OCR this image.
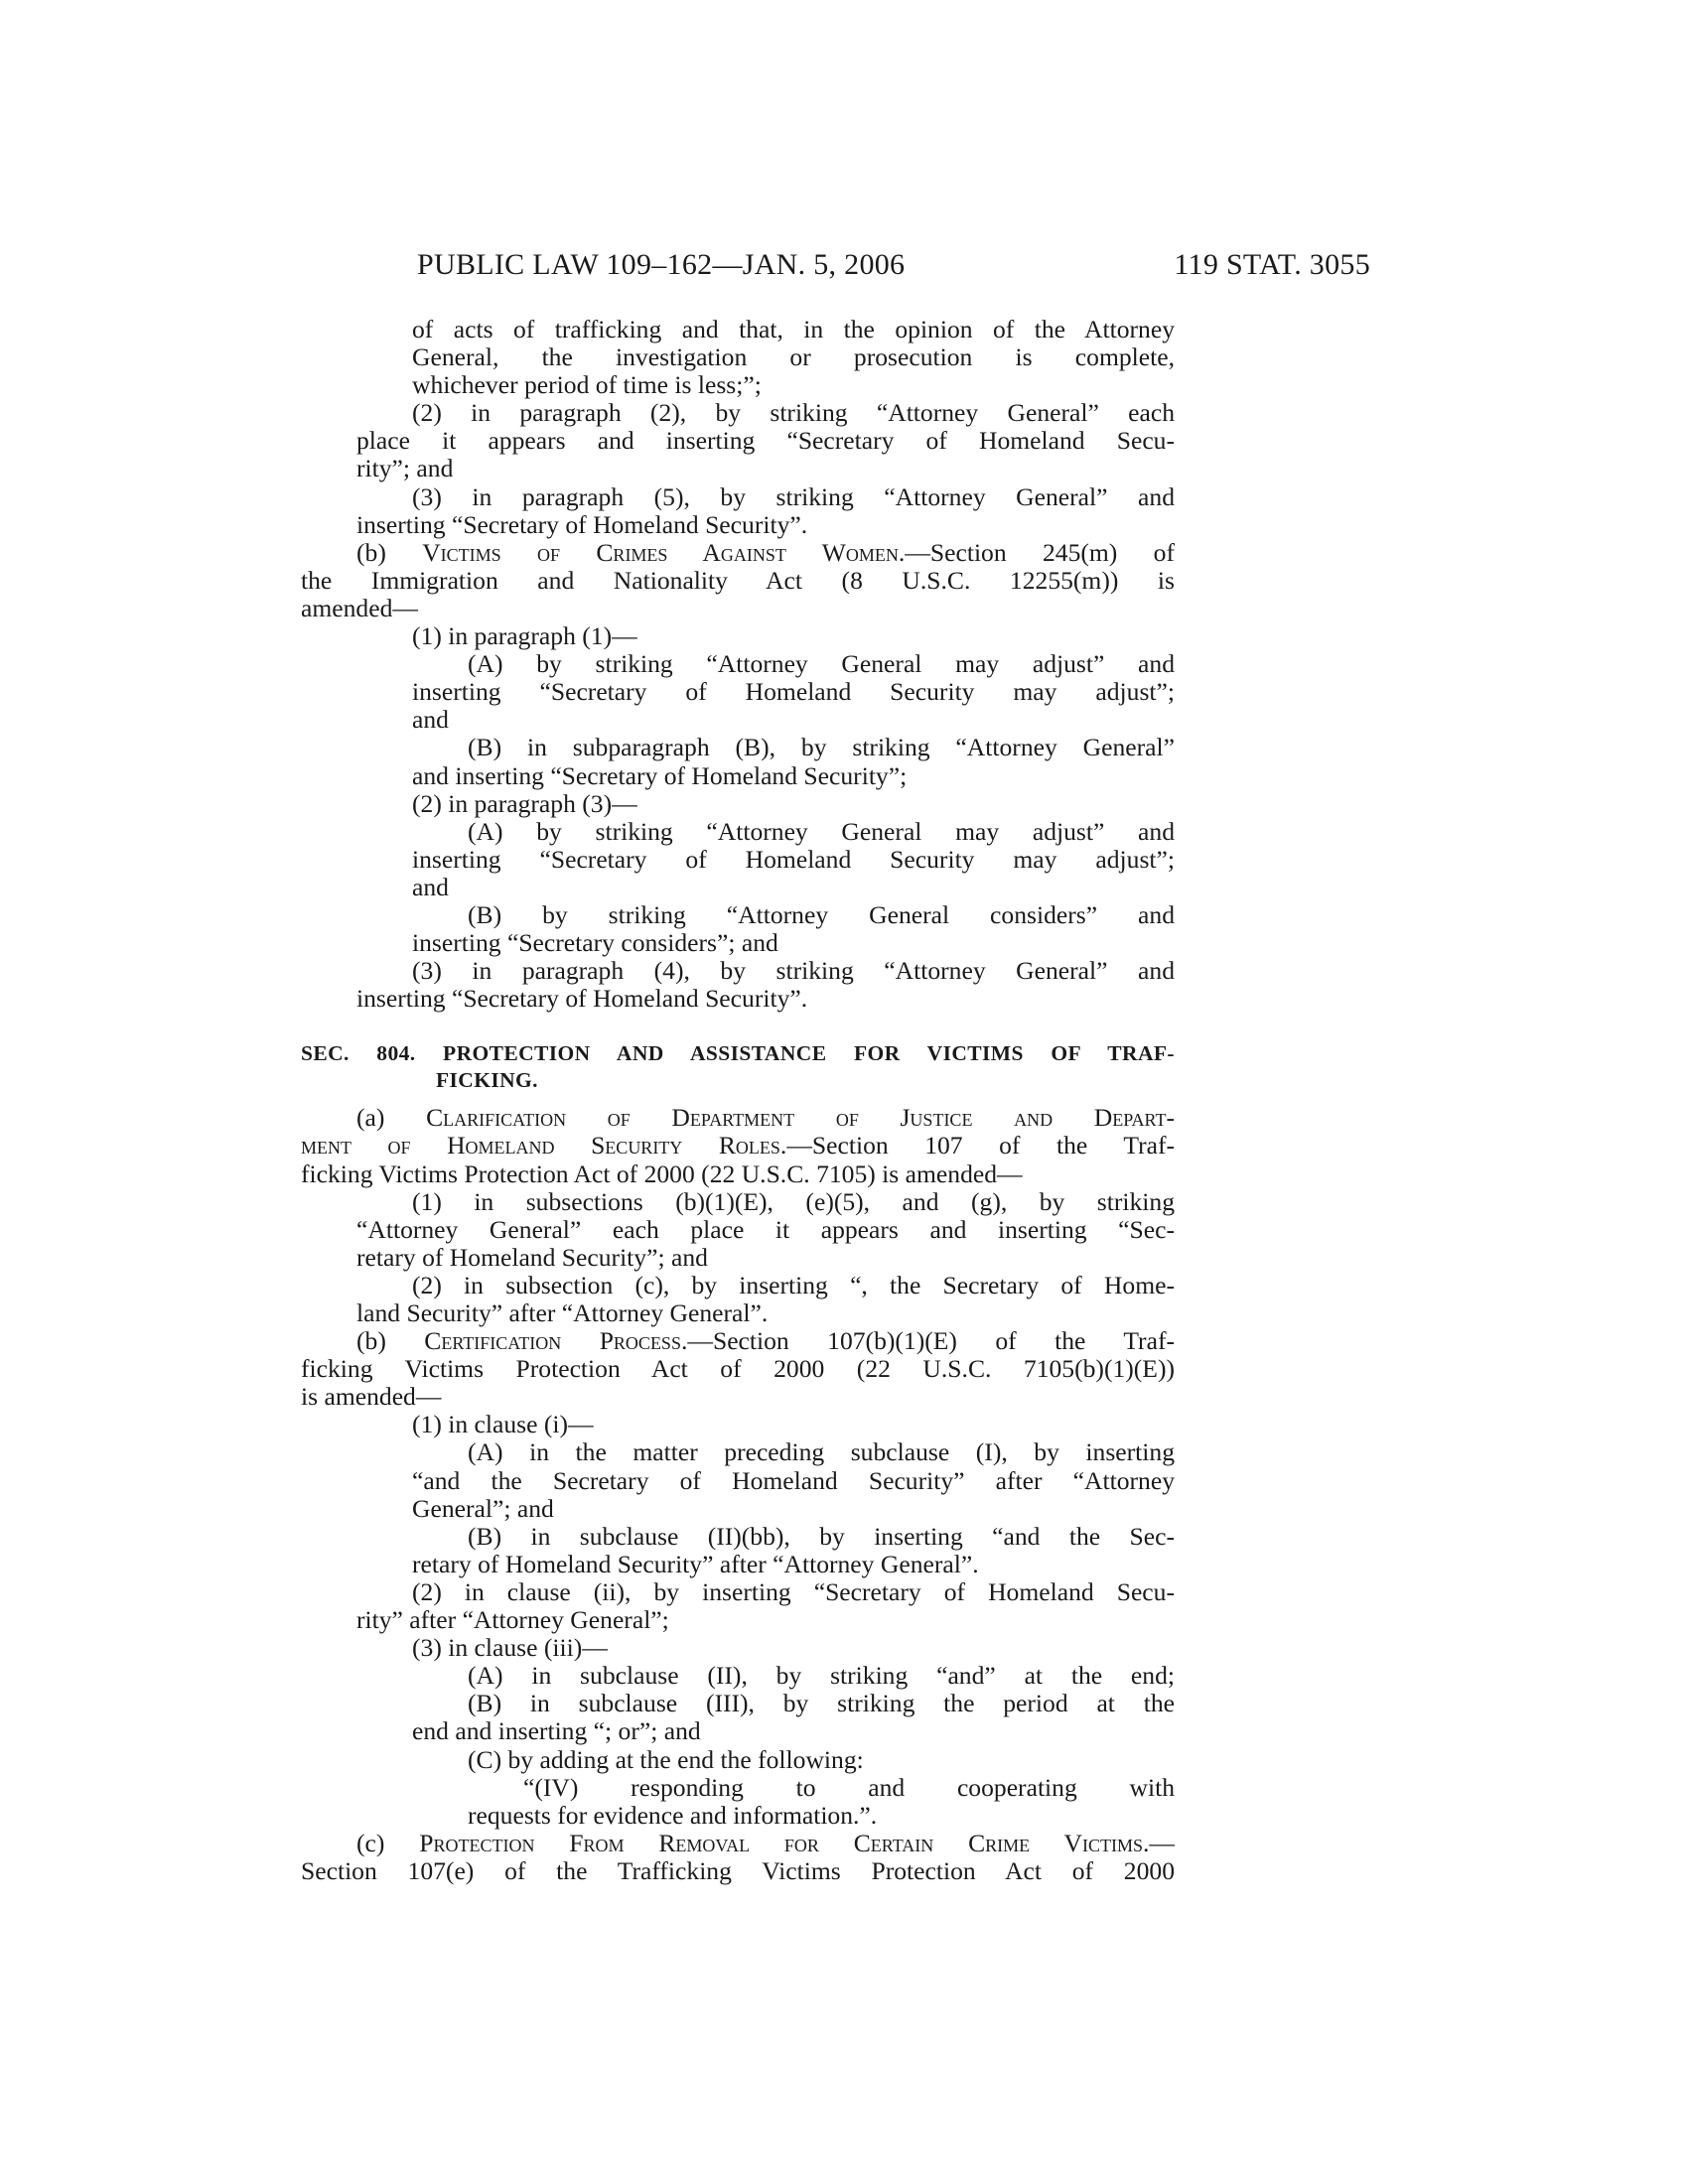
PUBLIC LAW 109–162—JAN. 5, 2006	119 STAT. 3055
of acts of trafficking and that, in the opinion of the Attorney
General, the investigation or prosecution is complete,
whichever period of time is less;”;
(2) in paragraph (2), by striking “Attorney General” each
place it appears and inserting “Secretary of Homeland Secu-
rity”; and
(3) in paragraph (5), by striking “Attorney General” and
inserting “Secretary of Homeland Security”.
(b) Victims of Crimes Against Women.—Section 245(m) of
the Immigration and Nationality Act (8 U.S.C. 12255(m)) is
amended—
(1) in paragraph (1)—
(A) by striking “Attorney General may adjust” and
inserting “Secretary of Homeland Security may adjust”;
and
(B) in subparagraph (B), by striking “Attorney General”
and inserting “Secretary of Homeland Security”;
(2) in paragraph (3)—
(A) by striking “Attorney General may adjust” and
inserting “Secretary of Homeland Security may adjust”;
and
(B) by striking “Attorney General considers” and
inserting “Secretary considers”; and
(3) in paragraph (4), by striking “Attorney General” and
inserting “Secretary of Homeland Security”.
SEC. 804. PROTECTION AND ASSISTANCE FOR VICTIMS OF TRAF-
FICKING.
(a) Clarification of Department of Justice and Depart-
ment of Homeland Security Roles.—Section 107 of the Traf-
ficking Victims Protection Act of 2000 (22 U.S.C. 7105) is amended—
(1) in subsections (b)(1)(E), (e)(5), and (g), by striking
“Attorney General” each place it appears and inserting “Sec-
retary of Homeland Security”; and
(2) in subsection (c), by inserting “, the Secretary of Home-
land Security” after “Attorney General”.
(b) Certification Process.—Section 107(b)(1)(E) of the Traf-
ficking Victims Protection Act of 2000 (22 U.S.C. 7105(b)(1)(E))
is amended—
(1) in clause (i)—
(A) in the matter preceding subclause (I), by inserting
“and the Secretary of Homeland Security” after “Attorney
General”; and
(B) in subclause (II)(bb), by inserting “and the Sec-
retary of Homeland Security” after “Attorney General”.
(2) in clause (ii), by inserting “Secretary of Homeland Secu-
rity” after “Attorney General”;
(3) in clause (iii)—
(A) in subclause (II), by striking “and” at the end;
(B) in subclause (III), by striking the period at the
end and inserting “; or”; and
(C) by adding at the end the following:
“(IV) responding to and cooperating with
requests for evidence and information.”.
(c) Protection From Removal for Certain Crime Victims.—
Section 107(e) of the Trafficking Victims Protection Act of 2000
